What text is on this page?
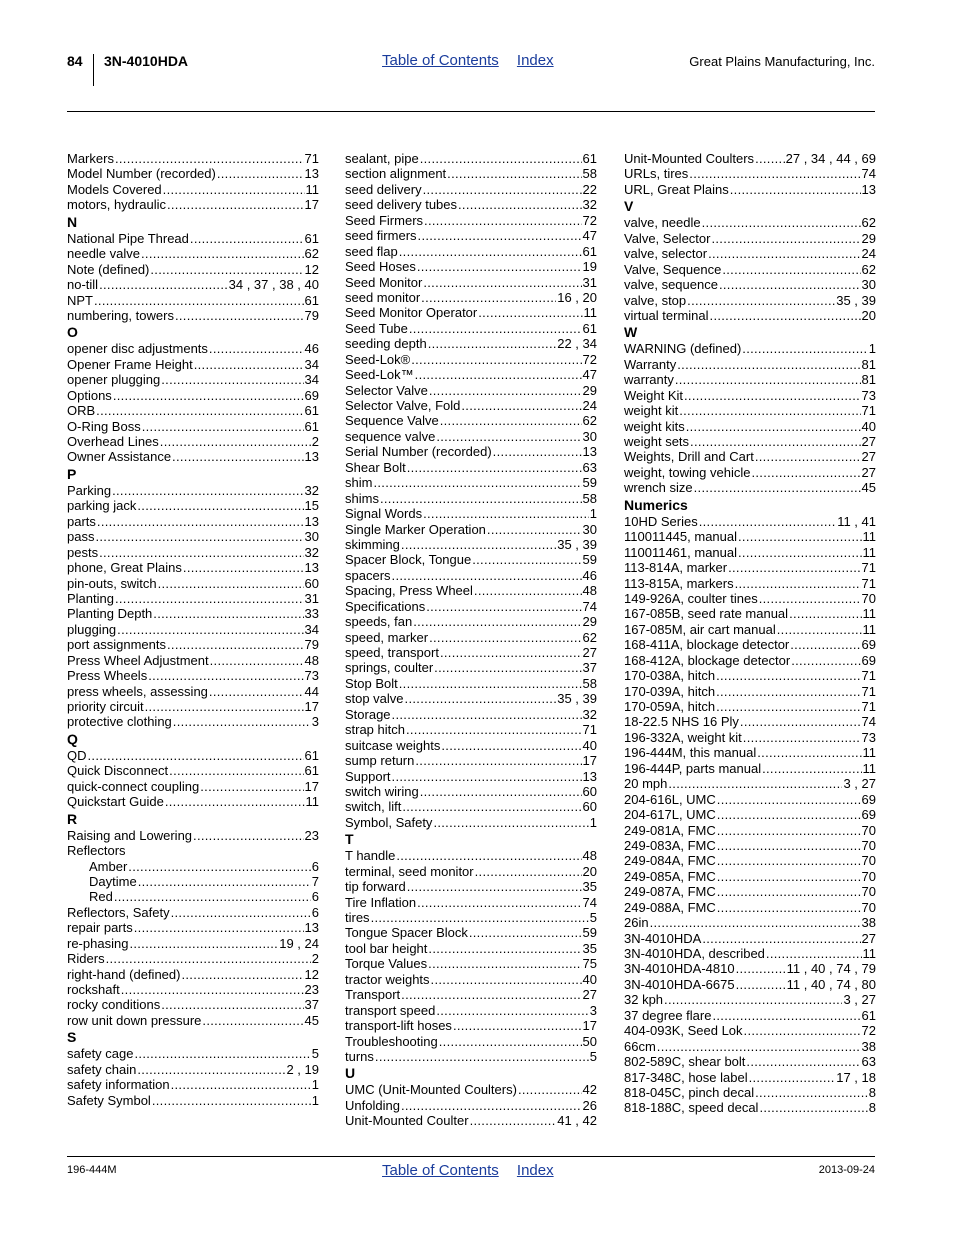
84 3N-4010HDA	Table of Contents Index	Great Plains Manufacturing, Inc.
Markers .....	71
Model Number (recorded) .....	13
Models Covered .....	11
motors, hydraulic .....	17
N
National Pipe Thread .....	61
needle valve .....	62
Note (defined) .....	12
no-till .....	34 , 37 , 38 , 40
NPT .....	61
numbering, towers .....	79
O
opener disc adjustments .....	46
Opener Frame Height .....	34
opener plugging .....	34
Options .....	69
ORB .....	61
O-Ring Boss .....	61
Overhead Lines .....	2
Owner Assistance .....	13
P
Parking .....	32
parking jack .....	15
parts .....	13
pass .....	30
pests .....	32
phone, Great Plains .....	13
pin-outs, switch .....	60
Planting .....	31
Planting Depth .....	33
plugging .....	34
port assignments .....	79
Press Wheel Adjustment .....	48
Press Wheels .....	73
press wheels, assessing .....	44
priority circuit .....	17
protective clothing .....	3
Q
QD .....	61
Quick Disconnect .....	61
quick-connect coupling .....	17
Quickstart Guide .....	11
R
Raising and Lowering .....	23
Reflectors
Amber .....	6
Daytime .....	7
Red .....	6
Reflectors, Safety .....	6
repair parts .....	13
re-phasing .....	19 , 24
Riders .....	2
right-hand (defined) .....	12
rockshaft .....	23
rocky conditions .....	37
row unit down pressure .....	45
S
safety cage .....	5
safety chain .....	2 , 19
safety information .....	1
Safety Symbol .....	1
sealant, pipe .....	61
section alignment .....	58
seed delivery .....	22
seed delivery tubes .....	32
Seed Firmers .....	72
seed firmers .....	47
seed flap .....	61
Seed Hoses .....	19
Seed Monitor .....	31
seed monitor .....	16 , 20
Seed Monitor Operator .....	11
Seed Tube .....	61
seeding depth .....	22 , 34
Seed-Lok® .....	72
Seed-Lok™ .....	47
Selector Valve .....	29
Selector Valve, Fold .....	24
Sequence Valve .....	62
sequence valve .....	30
Serial Number (recorded) .....	13
Shear Bolt .....	63
shim .....	59
shims .....	58
Signal Words .....	1
Single Marker Operation .....	30
skimming .....	35 , 39
Spacer Block, Tongue .....	59
spacers .....	46
Spacing, Press Wheel .....	48
Specifications .....	74
speeds, fan .....	29
speed, marker .....	62
speed, transport .....	27
springs, coulter .....	37
Stop Bolt .....	58
stop valve .....	35 , 39
Storage .....	32
strap hitch .....	71
suitcase weights .....	40
sump return .....	17
Support .....	13
switch wiring .....	60
switch, lift .....	60
Symbol, Safety .....	1
T
T handle .....	48
terminal, seed monitor .....	20
tip forward .....	35
Tire Inflation .....	74
tires .....	5
Tongue Spacer Block .....	59
tool bar height .....	35
Torque Values .....	75
tractor weights .....	40
Transport .....	27
transport speed .....	3
transport-lift hoses .....	17
Troubleshooting .....	50
turns .....	5
U
UMC (Unit-Mounted Coulters) .....	42
Unfolding .....	26
Unit-Mounted Coulter .....	41 , 42
Unit-Mounted Coulters ..... 27 , 34 , 44 , 69
URLs, tires .....	74
URL, Great Plains .....	13
V
valve, needle .....	62
Valve, Selector .....	29
valve, selector .....	24
Valve, Sequence .....	62
valve, sequence .....	30
valve, stop .....	35 , 39
virtual terminal .....	20
W
WARNING (defined) .....	1
Warranty .....	81
warranty .....	81
Weight Kit .....	73
weight kit .....	71
weight kits .....	40
weight sets .....	27
Weights, Drill and Cart .....	27
weight, towing vehicle .....	27
wrench size .....	45
Numerics
10HD Series .....	11 , 41
110011445, manual .....	11
110011461, manual .....	11
113-814A, marker .....	71
113-815A, markers .....	71
149-926A, coulter tines .....	70
167-085B, seed rate manual .....	11
167-085M, air cart manual .....	11
168-411A, blockage detector .....	69
168-412A, blockage detector .....	69
170-038A, hitch .....	71
170-039A, hitch .....	71
170-059A, hitch .....	71
18-22.5 NHS 16 Ply .....	74
196-332A, weight kit .....	73
196-444M, this manual .....	11
196-444P, parts manual .....	11
20 mph .....	3 , 27
204-616L, UMC .....	69
204-617L, UMC .....	69
249-081A, FMC .....	70
249-083A, FMC .....	70
249-084A, FMC .....	70
249-085A, FMC .....	70
249-087A, FMC .....	70
249-088A, FMC .....	70
26in .....	38
3N-4010HDA .....	27
3N-4010HDA, described .....	11
3N-4010HDA-4810 .....	11 , 40 , 74 , 79
3N-4010HDA-6675 .....	11 , 40 , 74 , 80
32 kph .....	3 , 27
37 degree flare .....	61
404-093K, Seed Lok .....	72
66cm .....	38
802-589C, shear bolt .....	63
817-348C, hose label .....	17 , 18
818-045C, pinch decal .....	8
818-188C, speed decal .....	8
196-444M	Table of Contents Index	2013-09-24
